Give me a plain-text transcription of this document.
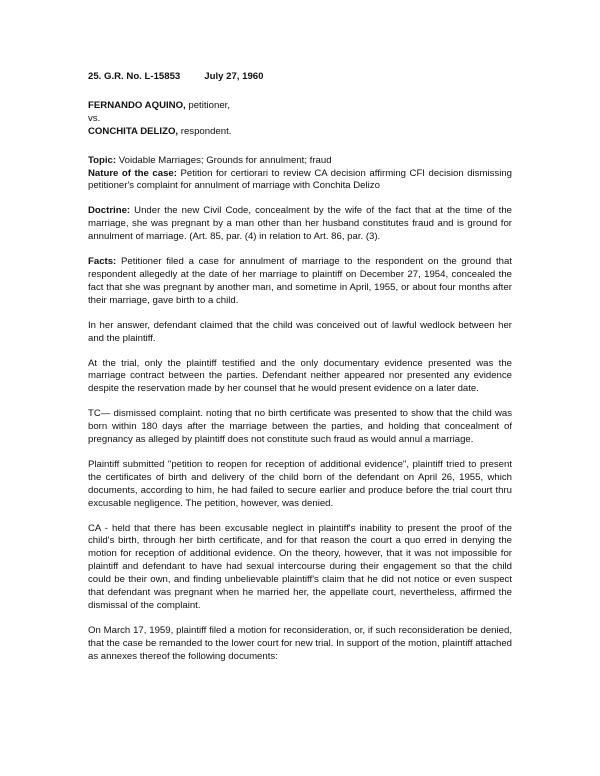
25. G.R. No. L-15853	July 27, 1960
FERNANDO AQUINO, petitioner,
vs.
CONCHITA DELIZO, respondent.

Topic: Voidable Marriages; Grounds for annulment; fraud

Nature of the case: Petition for certiorari to review CA decision affirming CFI decision dismissing petitioner's complaint for annulment of marriage with Conchita Delizo

Doctrine: Under the new Civil Code, concealment by the wife of the fact that at the time of the marriage, she was pregnant by a man other than her husband constitutes fraud and is ground for annulment of marriage. (Art. 85, par. (4) in relation to Art. 86, par. (3).

Facts: Petitioner filed a case for annulment of marriage to the respondent on the ground that respondent allegedly at the date of her marriage to plaintiff on December 27, 1954, concealed the fact that she was pregnant by another man, and sometime in April, 1955, or about four months after their marriage, gave birth to a child.

In her answer, defendant claimed that the child was conceived out of lawful wedlock between her and the plaintiff.

At the trial, only the plaintiff testified and the only documentary evidence presented was the marriage contract between the parties. Defendant neither appeared nor presented any evidence despite the reservation made by her counsel that he would present evidence on a later date.

TC— dismissed complaint. noting that no birth certificate was presented to show that the child was born within 180 days after the marriage between the parties, and holding that concealment of pregnancy as alleged by plaintiff does not constitute such fraud as would annul a marriage.

Plaintiff submitted "petition to reopen for reception of additional evidence", plaintiff tried to present the certificates of birth and delivery of the child born of the defendant on April 26, 1955, which documents, according to him, he had failed to secure earlier and produce before the trial court thru excusable negligence. The petition, however, was denied.

CA - held that there has been excusable neglect in plaintiff's inability to present the proof of the child's birth, through her birth certificate, and for that reason the court a quo erred in denying the motion for reception of additional evidence. On the theory, however, that it was not impossible for plaintiff and defendant to have had sexual intercourse during their engagement so that the child could be their own, and finding unbelievable plaintiff's claim that he did not notice or even suspect that defendant was pregnant when he married her, the appellate court, nevertheless, affirmed the dismissal of the complaint.

On March 17, 1959, plaintiff filed a motion for reconsideration, or, if such reconsideration be denied, that the case be remanded to the lower court for new trial. In support of the motion, plaintiff attached as annexes thereof the following documents:
